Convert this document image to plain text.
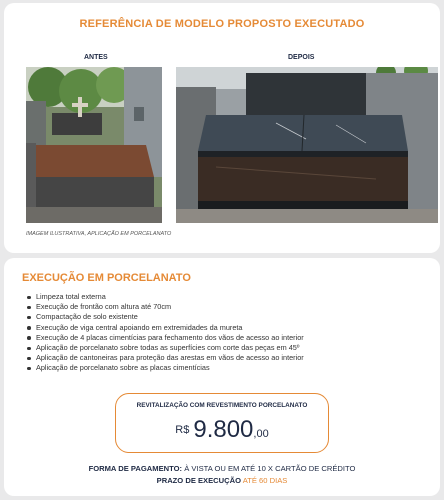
REFERÊNCIA DE MODELO PROPOSTO EXECUTADO
ANTES	DEPOIS
IMAGEM ILUSTRATIVA, APLICAÇÃO EM PORCELANATO
EXECUÇÃO EM PORCELANATO
Limpeza total externa
Execução de frontão com altura até 70cm
Compactação de solo existente
Execução de viga central apoiando em extremidades da mureta
Execução de 4 placas cimentícias para fechamento dos vãos de acesso ao interior
Aplicação de porcelanato sobre todas as superfícies com corte das peças em 45º
Aplicação de cantoneiras para proteção das arestas em vãos de acesso ao interior
Aplicação de porcelanato sobre as placas cimentícias
REVITALIZAÇÃO COM REVESTIMENTO PORCELANATO
$^{R\$}$ 9.800,00
FORMA DE PAGAMENTO: À VISTA OU EM ATÉ 10 X CARTÃO DE CRÉDITO
PRAZO DE EXECUÇÃO ATÉ 60 DIAS
